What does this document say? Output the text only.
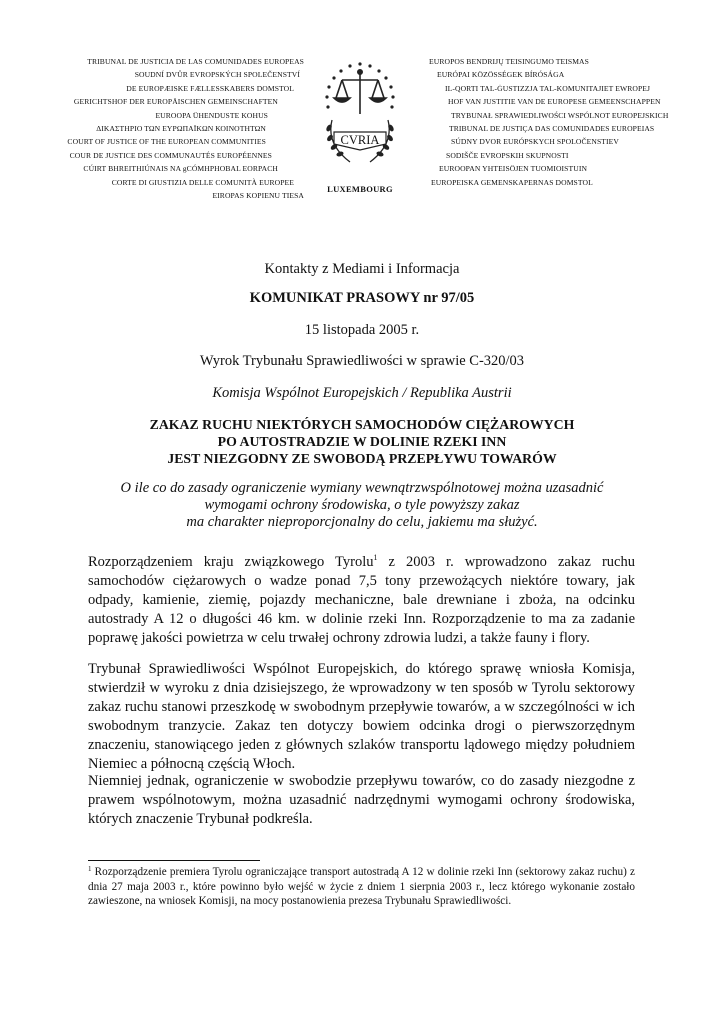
TRIBUNAL DE JUSTICIA DE LAS COMUNIDADES EUROPEAS
SOUDNÍ DVŮR EVROPSKÝCH SPOLEČENSTVÍ
DE EUROPÆISKE FÆLLESSKABERS DOMSTOL
GERICHTSHOF DER EUROPÄISCHEN GEMEINSCHAFTEN
EUROOPA ÜHENDUSTE KOHUS
ΔΙΚΑΣΤΗΡΙΟ ΤΩΝ ΕΥΡΩΠΑΪΚΩΝ ΚΟΙΝΟΤΗΤΩΝ
COURT OF JUSTICE OF THE EUROPEAN COMMUNITIES
COUR DE JUSTICE DES COMMUNAUTÉS EUROPÉENNES
CÚIRT BHREITHIÚNAIS NA gCÓMHPHOBAL EORPACH
CORTE DI GIUSTIZIA DELLE COMUNITÀ EUROPEE
EIROPAS KOPIENU TIESA
CVRIA
LUXEMBOURG
EUROPOS BENDRIJŲ TEISINGUMO TEISMAS
EURÓPAI KÖZÖSSÉGEK BÍRÓSÁGA
IL-QORTI TAL-ĠUSTIZZJA TAL-KOMUNITAJIET EWROPEJ
HOF VAN JUSTITIE VAN DE EUROPESE GEMEENSCHAPPEN
TRYBUNAŁ SPRAWIEDLIWOŚCI WSPÓLNOT EUROPEJSKICH
TRIBUNAL DE JUSTIÇA DAS COMUNIDADES EUROPEIAS
SÚDNY DVOR EURÓPSKYCH SPOLOČENSTIEV
SODIŠČE EVROPSKIH SKUPNOSTI
EUROOPAN YHTEISÖJEN TUOMIOISTUIN
EUROPEISKA GEMENSKAPERNAS DOMSTOL
Kontakty z Mediami i Informacja
KOMUNIKAT PRASOWY nr 97/05
15 listopada 2005 r.
Wyrok Trybunału Sprawiedliwości w sprawie C-320/03
Komisja Wspólnot Europejskich / Republika Austrii
ZAKAZ RUCHU NIEKTÓRYCH SAMOCHODÓW CIĘŻAROWYCH
PO AUTOSTRADZIE W DOLINIE RZEKI INN
JEST NIEZGODNY ZE SWOBODĄ PRZEPŁYWU TOWARÓW
O ile co do zasady ograniczenie wymiany wewnątrzwspólnotowej można uzasadnić
wymogami ochrony środowiska, o tyle powyższy zakaz
ma charakter nieproporcjonalny do celu, jakiemu ma służyć.

Rozporządzeniem kraju związkowego Tyrolu$^1$ z 2003 r. wprowadzono zakaz ruchu samochodów ciężarowych o wadze ponad 7,5 tony przewożących niektóre towary, jak odpady, kamienie, ziemię, pojazdy mechaniczne, bale drewniane i zboża, na odcinku autostrady A 12 o długości 46 km. w dolinie rzeki Inn. Rozporządzenie to ma za zadanie poprawę jakości powietrza w celu trwałej ochrony zdrowia ludzi, a także fauny i flory.

Trybunał Sprawiedliwości Wspólnot Europejskich, do którego sprawę wniosła Komisja, stwierdził w wyroku z dnia dzisiejszego, że wprowadzony w ten sposób w Tyrolu sektorowy zakaz ruchu stanowi przeszkodę w swobodnym przepływie towarów, a w szczególności w ich swobodnym tranzycie. Zakaz ten dotyczy bowiem odcinka drogi o pierwszorzędnym znaczeniu, stanowiącego jeden z głównych szlaków transportu lądowego między południem Niemiec a północną częścią Włoch.

Niemniej jednak, ograniczenie w swobodzie przepływu towarów, co do zasady niezgodne z prawem wspólnotowym, można uzasadnić nadrzędnymi wymogami ochrony środowiska, których znaczenie Trybunał podkreśla.

$^1$ Rozporządzenie premiera Tyrolu ograniczające transport autostradą A 12 w dolinie rzeki Inn (sektorowy zakaz ruchu) z dnia 27 maja 2003 r., które powinno było wejść w życie z dniem 1 sierpnia 2003 r., lecz którego wykonanie zostało zawieszone, na wniosek Komisji, na mocy postanowienia prezesa Trybunału Sprawiedliwości.
